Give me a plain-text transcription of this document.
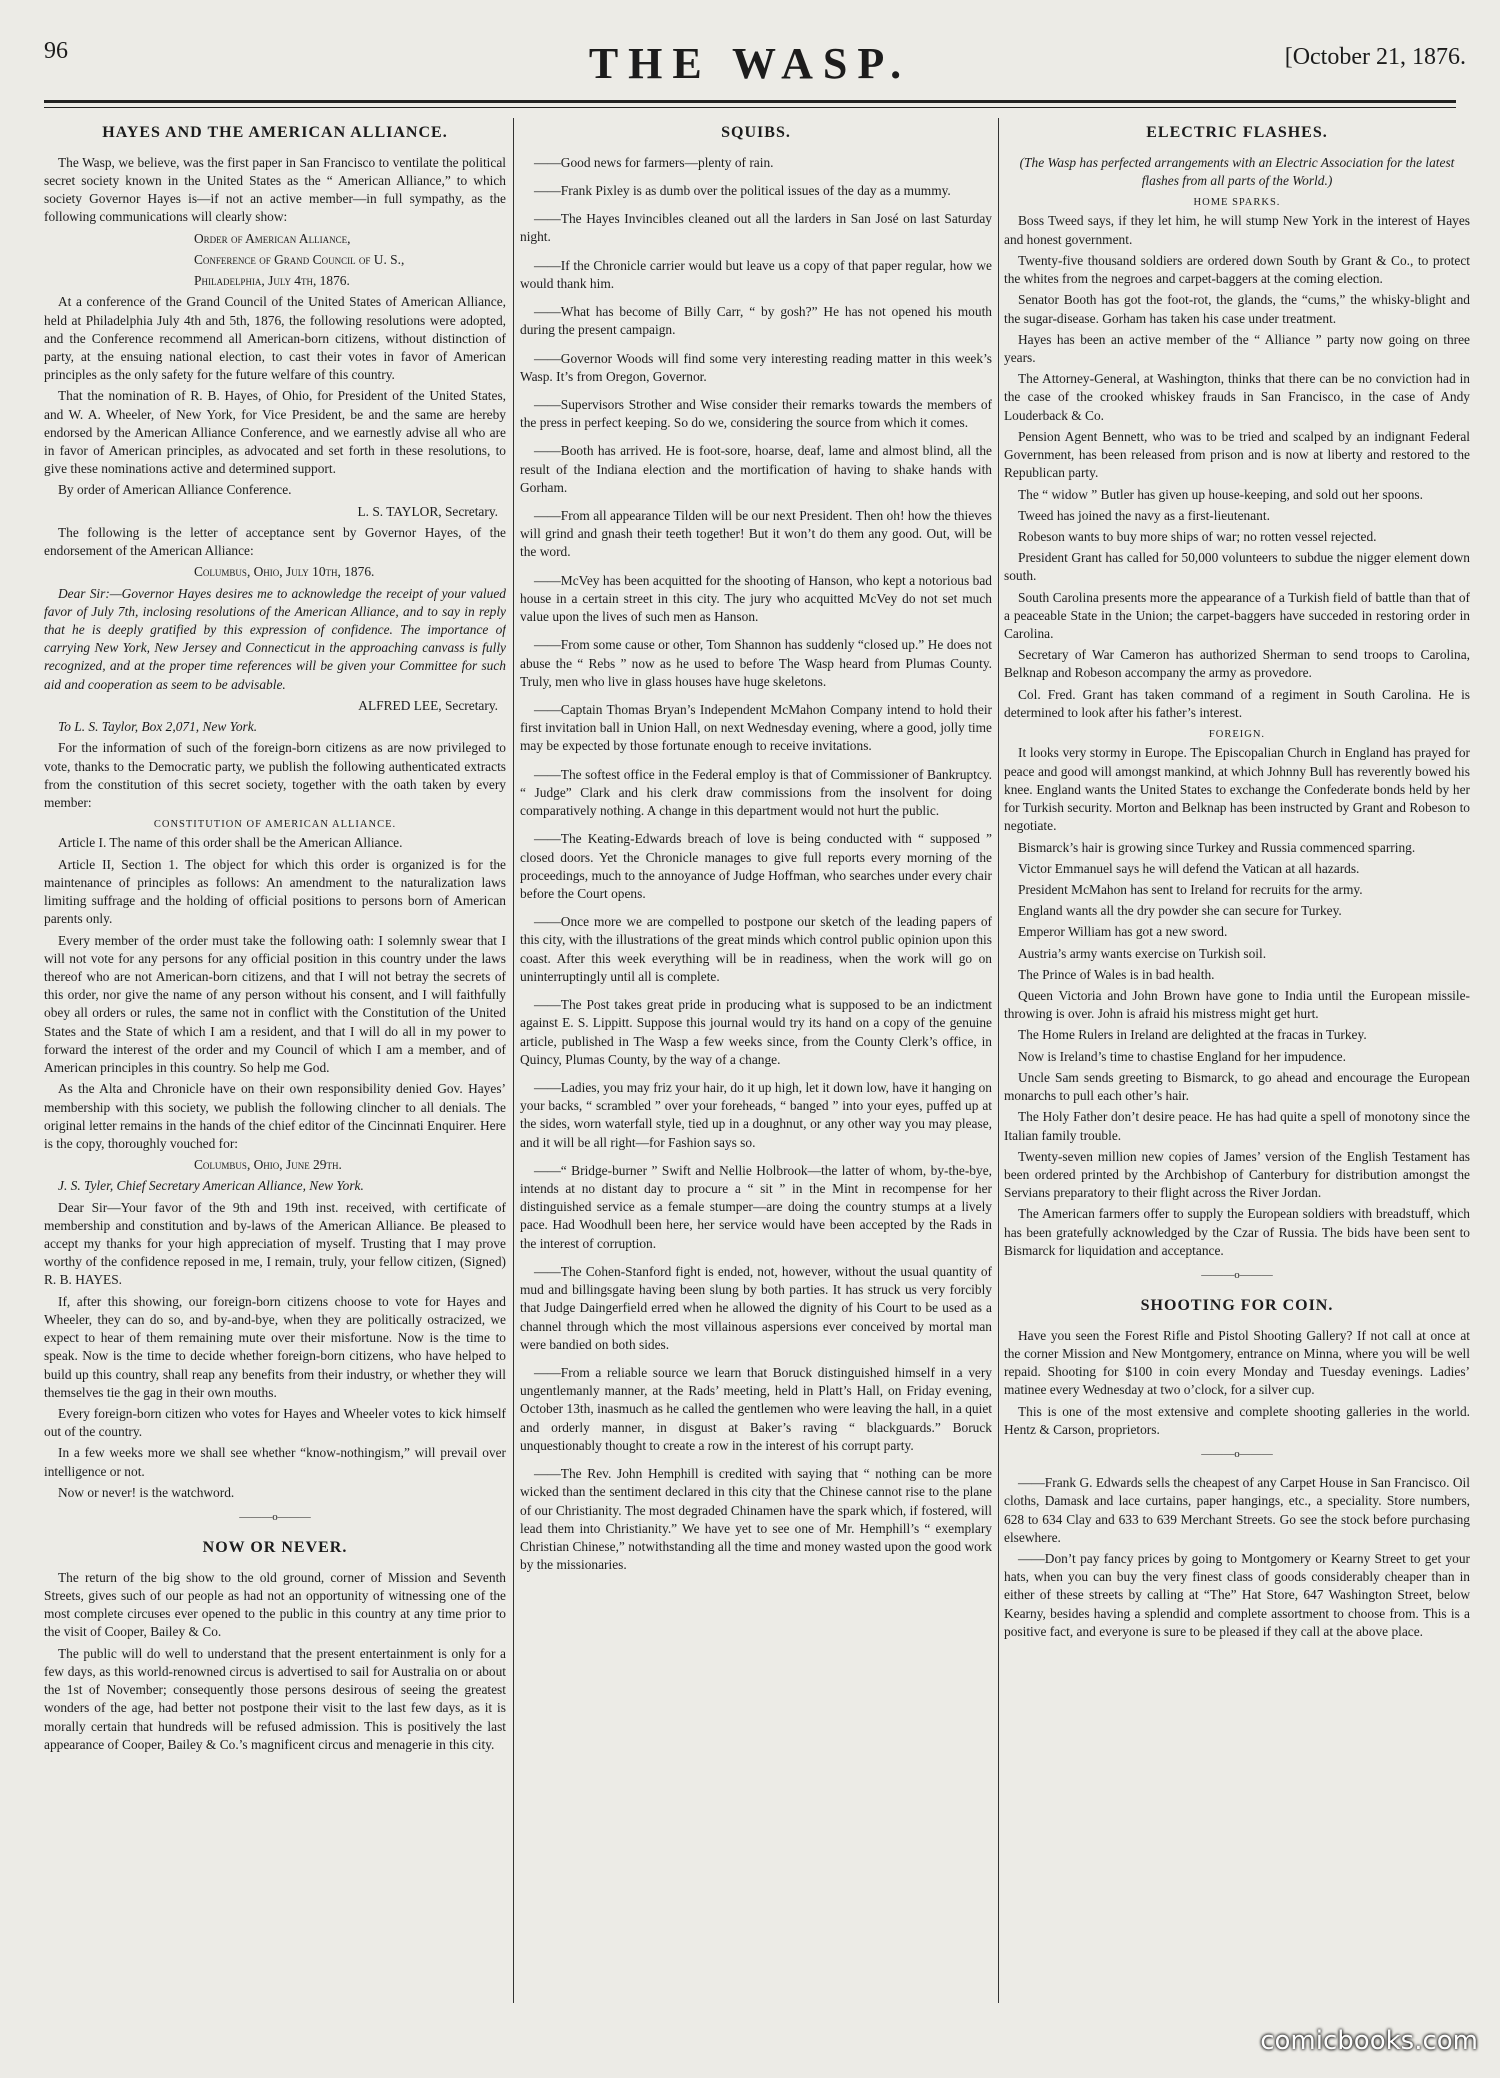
96	THE WASP.	[October 21, 1876.
HAYES AND THE AMERICAN ALLIANCE.

The Wasp, we believe, was the first paper in San Francisco to ventilate the political secret society known in the United States as the “ American Alliance,” to which society Governor Hayes is—if not an active member—in full sympathy, as the following communications will clearly show:

Order of American Alliance,

Conference of Grand Council of U. S.,

Philadelphia, July 4th, 1876.

At a conference of the Grand Council of the United States of American Alliance, held at Philadelphia July 4th and 5th, 1876, the following resolutions were adopted, and the Conference recommend all American-born citizens, without distinction of party, at the ensuing national election, to cast their votes in favor of American principles as the only safety for the future welfare of this country.

That the nomination of R. B. Hayes, of Ohio, for President of the United States, and W. A. Wheeler, of New York, for Vice President, be and the same are hereby endorsed by the American Alliance Conference, and we earnestly advise all who are in favor of American principles, as advocated and set forth in these resolutions, to give these nominations active and determined support.

By order of American Alliance Conference.

L. S. TAYLOR, Secretary.

The following is the letter of acceptance sent by Governor Hayes, of the endorsement of the American Alliance:

Columbus, Ohio, July 10th, 1876.

Dear Sir:—Governor Hayes desires me to acknowledge the receipt of your valued favor of July 7th, inclosing resolutions of the American Alliance, and to say in reply that he is deeply gratified by this expression of confidence. The importance of carrying New York, New Jersey and Connecticut in the approaching canvass is fully recognized, and at the proper time references will be given your Committee for such aid and cooperation as seem to be advisable.

ALFRED LEE, Secretary.

To L. S. Taylor, Box 2,071, New York.

For the information of such of the foreign-born citizens as are now privileged to vote, thanks to the Democratic party, we publish the following authenticated extracts from the constitution of this secret society, together with the oath taken by every member:

CONSTITUTION OF AMERICAN ALLIANCE.

Article I. The name of this order shall be the American Alliance.

Article II, Section 1. The object for which this order is organized is for the maintenance of principles as follows: An amendment to the naturalization laws limiting suffrage and the holding of official positions to persons born of American parents only.

Every member of the order must take the following oath: I solemnly swear that I will not vote for any persons for any official position in this country under the laws thereof who are not American-born citizens, and that I will not betray the secrets of this order, nor give the name of any person without his consent, and I will faithfully obey all orders or rules, the same not in conflict with the Constitution of the United States and the State of which I am a resident, and that I will do all in my power to forward the interest of the order and my Council of which I am a member, and of American principles in this country. So help me God.

As the Alta and Chronicle have on their own responsibility denied Gov. Hayes’ membership with this society, we publish the following clincher to all denials. The original letter remains in the hands of the chief editor of the Cincinnati Enquirer. Here is the copy, thoroughly vouched for:

Columbus, Ohio, June 29th.

J. S. Tyler, Chief Secretary American Alliance, New York.

Dear Sir—Your favor of the 9th and 19th inst. received, with certificate of membership and constitution and by-laws of the American Alliance. Be pleased to accept my thanks for your high appreciation of myself. Trusting that I may prove worthy of the confidence reposed in me, I remain, truly, your fellow citizen, (Signed) R. B. HAYES.

If, after this showing, our foreign-born citizens choose to vote for Hayes and Wheeler, they can do so, and by-and-bye, when they are politically ostracized, we expect to hear of them remaining mute over their misfortune. Now is the time to speak. Now is the time to decide whether foreign-born citizens, who have helped to build up this country, shall reap any benefits from their industry, or whether they will themselves tie the gag in their own mouths.

Every foreign-born citizen who votes for Hayes and Wheeler votes to kick himself out of the country.

In a few weeks more we shall see whether “know-nothingism,” will prevail over intelligence or not.

Now or never! is the watchword.

———o———
NOW OR NEVER.

The return of the big show to the old ground, corner of Mission and Seventh Streets, gives such of our people as had not an opportunity of witnessing one of the most complete circuses ever opened to the public in this country at any time prior to the visit of Cooper, Bailey & Co.

The public will do well to understand that the present entertainment is only for a few days, as this world-renowned circus is advertised to sail for Australia on or about the 1st of November; consequently those persons desirous of seeing the greatest wonders of the age, had better not postpone their visit to the last few days, as it is morally certain that hundreds will be refused admission. This is positively the last appearance of Cooper, Bailey & Co.’s magnificent circus and menagerie in this city.

SQUIBS.

——Good news for farmers—plenty of rain.

——Frank Pixley is as dumb over the political issues of the day as a mummy.

——The Hayes Invincibles cleaned out all the larders in San José on last Saturday night.

——If the Chronicle carrier would but leave us a copy of that paper regular, how we would thank him.

——What has become of Billy Carr, “ by gosh?” He has not opened his mouth during the present campaign.

——Governor Woods will find some very interesting reading matter in this week’s Wasp. It’s from Oregon, Governor.

——Supervisors Strother and Wise consider their remarks towards the members of the press in perfect keeping. So do we, considering the source from which it comes.

——Booth has arrived. He is foot-sore, hoarse, deaf, lame and almost blind, all the result of the Indiana election and the mortification of having to shake hands with Gorham.

——From all appearance Tilden will be our next President. Then oh! how the thieves will grind and gnash their teeth together! But it won’t do them any good. Out, will be the word.

——McVey has been acquitted for the shooting of Hanson, who kept a notorious bad house in a certain street in this city. The jury who acquitted McVey do not set much value upon the lives of such men as Hanson.

——From some cause or other, Tom Shannon has suddenly “closed up.” He does not abuse the “ Rebs ” now as he used to before The Wasp heard from Plumas County. Truly, men who live in glass houses have huge skeletons.

——Captain Thomas Bryan’s Independent McMahon Company intend to hold their first invitation ball in Union Hall, on next Wednesday evening, where a good, jolly time may be expected by those fortunate enough to receive invitations.

——The softest office in the Federal employ is that of Commissioner of Bankruptcy. “ Judge” Clark and his clerk draw commissions from the insolvent for doing comparatively nothing. A change in this department would not hurt the public.

——The Keating-Edwards breach of love is being conducted with “ supposed ” closed doors. Yet the Chronicle manages to give full reports every morning of the proceedings, much to the annoyance of Judge Hoffman, who searches under every chair before the Court opens.

——Once more we are compelled to postpone our sketch of the leading papers of this city, with the illustrations of the great minds which control public opinion upon this coast. After this week everything will be in readiness, when the work will go on uninterruptingly until all is complete.

——The Post takes great pride in producing what is supposed to be an indictment against E. S. Lippitt. Suppose this journal would try its hand on a copy of the genuine article, published in The Wasp a few weeks since, from the County Clerk’s office, in Quincy, Plumas County, by the way of a change.

——Ladies, you may friz your hair, do it up high, let it down low, have it hanging on your backs, “ scrambled ” over your foreheads, “ banged ” into your eyes, puffed up at the sides, worn waterfall style, tied up in a doughnut, or any other way you may please, and it will be all right—for Fashion says so.

——“ Bridge-burner ” Swift and Nellie Holbrook—the latter of whom, by-the-bye, intends at no distant day to procure a “ sit ” in the Mint in recompense for her distinguished service as a female stumper—are doing the country stumps at a lively pace. Had Woodhull been here, her service would have been accepted by the Rads in the interest of corruption.

——The Cohen-Stanford fight is ended, not, however, without the usual quantity of mud and billingsgate having been slung by both parties. It has struck us very forcibly that Judge Daingerfield erred when he allowed the dignity of his Court to be used as a channel through which the most villainous aspersions ever conceived by mortal man were bandied on both sides.

——From a reliable source we learn that Boruck distinguished himself in a very ungentlemanly manner, at the Rads’ meeting, held in Platt’s Hall, on Friday evening, October 13th, inasmuch as he called the gentlemen who were leaving the hall, in a quiet and orderly manner, in disgust at Baker’s raving “ blackguards.” Boruck unquestionably thought to create a row in the interest of his corrupt party.

——The Rev. John Hemphill is credited with saying that “ nothing can be more wicked than the sentiment declared in this city that the Chinese cannot rise to the plane of our Christianity. The most degraded Chinamen have the spark which, if fostered, will lead them into Christianity.” We have yet to see one of Mr. Hemphill’s “ exemplary Christian Chinese,” notwithstanding all the time and money wasted upon the good work by the missionaries.

ELECTRIC FLASHES.

(The Wasp has perfected arrangements with an Electric Association for the latest flashes from all parts of the World.)

HOME SPARKS.

Boss Tweed says, if they let him, he will stump New York in the interest of Hayes and honest government.

Twenty-five thousand soldiers are ordered down South by Grant & Co., to protect the whites from the negroes and carpet-baggers at the coming election.

Senator Booth has got the foot-rot, the glands, the “cums,” the whisky-blight and the sugar-disease. Gorham has taken his case under treatment.

Hayes has been an active member of the “ Alliance ” party now going on three years.

The Attorney-General, at Washington, thinks that there can be no conviction had in the case of the crooked whiskey frauds in San Francisco, in the case of Andy Louderback & Co.

Pension Agent Bennett, who was to be tried and scalped by an indignant Federal Government, has been released from prison and is now at liberty and restored to the Republican party.

The “ widow ” Butler has given up house-keeping, and sold out her spoons.

Tweed has joined the navy as a first-lieutenant.

Robeson wants to buy more ships of war; no rotten vessel rejected.

President Grant has called for 50,000 volunteers to subdue the nigger element down south.

South Carolina presents more the appearance of a Turkish field of battle than that of a peaceable State in the Union; the carpet-baggers have succeded in restoring order in Carolina.

Secretary of War Cameron has authorized Sherman to send troops to Carolina, Belknap and Robeson accompany the army as provedore.

Col. Fred. Grant has taken command of a regiment in South Carolina. He is determined to look after his father’s interest.

FOREIGN.

It looks very stormy in Europe. The Episcopalian Church in England has prayed for peace and good will amongst mankind, at which Johnny Bull has reverently bowed his knee. England wants the United States to exchange the Confederate bonds held by her for Turkish security. Morton and Belknap has been instructed by Grant and Robeson to negotiate.

Bismarck’s hair is growing since Turkey and Russia commenced sparring.

Victor Emmanuel says he will defend the Vatican at all hazards.

President McMahon has sent to Ireland for recruits for the army.

England wants all the dry powder she can secure for Turkey.

Emperor William has got a new sword.

Austria’s army wants exercise on Turkish soil.

The Prince of Wales is in bad health.

Queen Victoria and John Brown have gone to India until the European missile-throwing is over. John is afraid his mistress might get hurt.

The Home Rulers in Ireland are delighted at the fracas in Turkey.

Now is Ireland’s time to chastise England for her impudence.

Uncle Sam sends greeting to Bismarck, to go ahead and encourage the European monarchs to pull each other’s hair.

The Holy Father don’t desire peace. He has had quite a spell of monotony since the Italian family trouble.

Twenty-seven million new copies of James’ version of the English Testament has been ordered printed by the Archbishop of Canterbury for distribution amongst the Servians preparatory to their flight across the River Jordan.

The American farmers offer to supply the European soldiers with breadstuff, which has been gratefully acknowledged by the Czar of Russia. The bids have been sent to Bismarck for liquidation and acceptance.

———o———
SHOOTING FOR COIN.

Have you seen the Forest Rifle and Pistol Shooting Gallery? If not call at once at the corner Mission and New Montgomery, entrance on Minna, where you will be well repaid. Shooting for $100 in coin every Monday and Tuesday evenings. Ladies’ matinee every Wednesday at two o’clock, for a silver cup.

This is one of the most extensive and complete shooting galleries in the world. Hentz & Carson, proprietors.

———o———

——Frank G. Edwards sells the cheapest of any Carpet House in San Francisco. Oil cloths, Damask and lace curtains, paper hangings, etc., a speciality. Store numbers, 628 to 634 Clay and 633 to 639 Merchant Streets. Go see the stock before purchasing elsewhere.

——Don’t pay fancy prices by going to Montgomery or Kearny Street to get your hats, when you can buy the very finest class of goods considerably cheaper than in either of these streets by calling at “The” Hat Store, 647 Washington Street, below Kearny, besides having a splendid and complete assortment to choose from. This is a positive fact, and everyone is sure to be pleased if they call at the above place.

comicbooks.com
